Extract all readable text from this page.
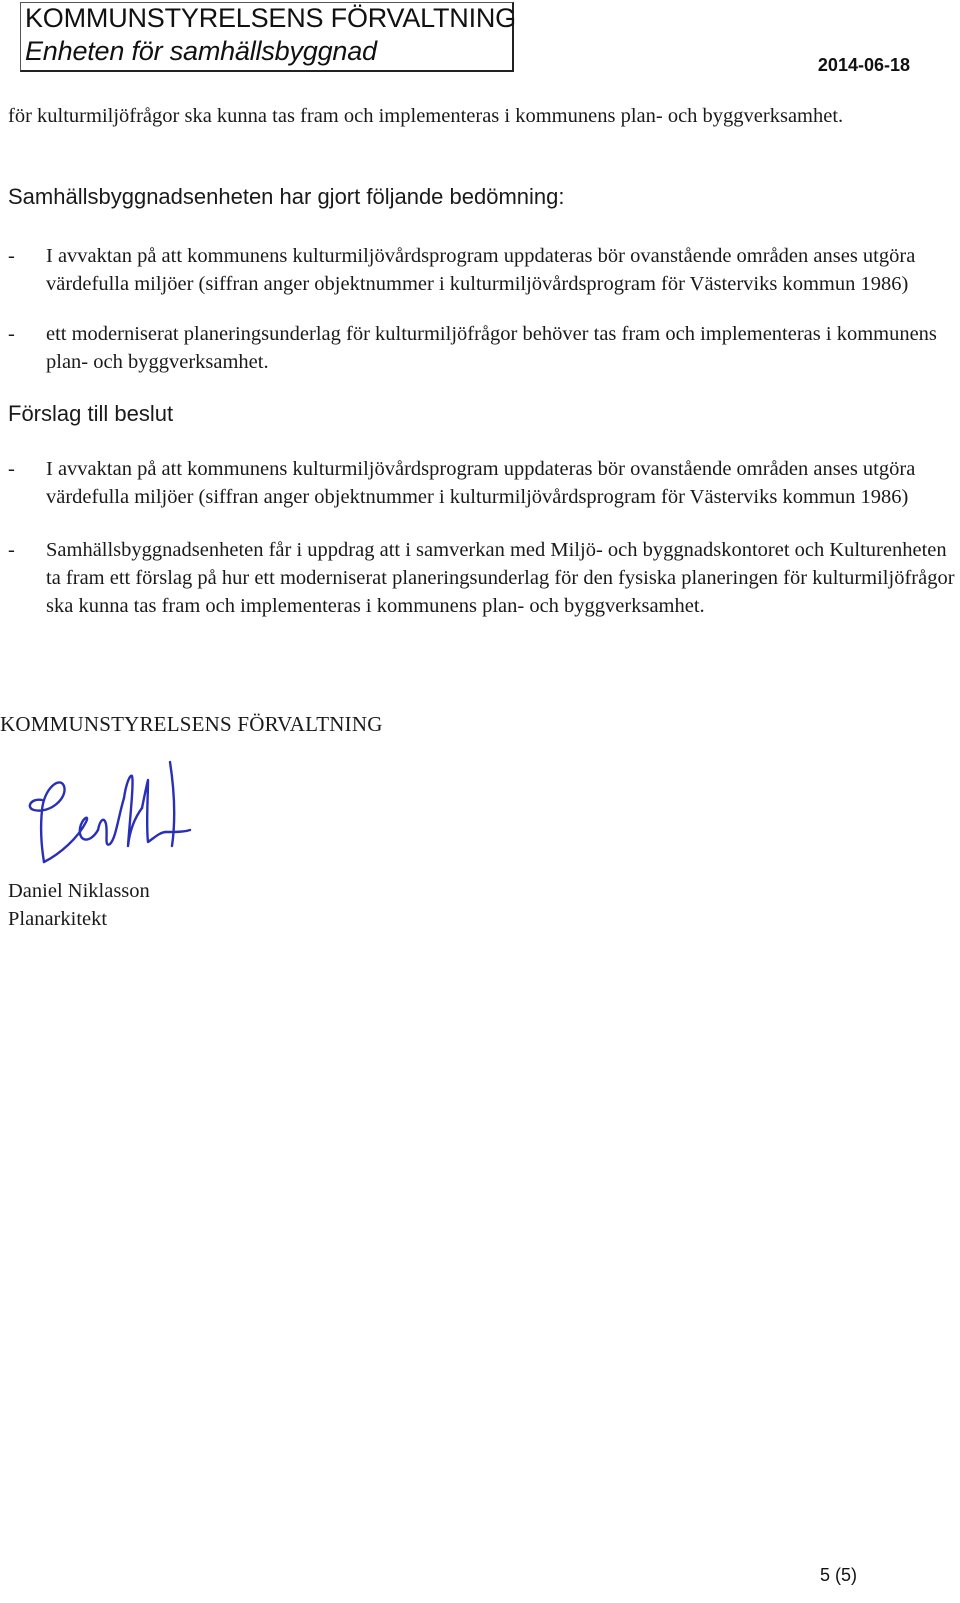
KOMMUNSTYRELSENS FÖRVALTNING
Enheten för samhällsbyggnad	2014-06-18
för kulturmiljöfrågor ska kunna tas fram och implementeras i kommunens plan- och byggverksamhet.
Samhällsbyggnadsenheten har gjort följande bedömning:
-	I avvaktan på att kommunens kulturmiljövårdsprogram uppdateras bör ovanstående områden anses utgöra värdefulla miljöer (siffran anger objektnummer i kulturmiljövårdsprogram för Västerviks kommun 1986)
-	ett moderniserat planeringsunderlag för kulturmiljöfrågor behöver tas fram och implementeras i kommunens plan- och byggverksamhet.
Förslag till beslut
-	I avvaktan på att kommunens kulturmiljövårdsprogram uppdateras bör ovanstående områden anses utgöra värdefulla miljöer (siffran anger objektnummer i kulturmiljövårdsprogram för Västerviks kommun 1986)
-	Samhällsbyggnadsenheten får i uppdrag att i samverkan med Miljö- och byggnadskontoret och Kulturenheten ta fram ett förslag på hur ett moderniserat planeringsunderlag för den fysiska planeringen för kulturmiljöfrågor ska kunna tas fram och implementeras i kommunens plan- och byggverksamhet.
KOMMUNSTYRELSENS FÖRVALTNING
Daniel Niklasson
Planarkitekt
5 (5)
